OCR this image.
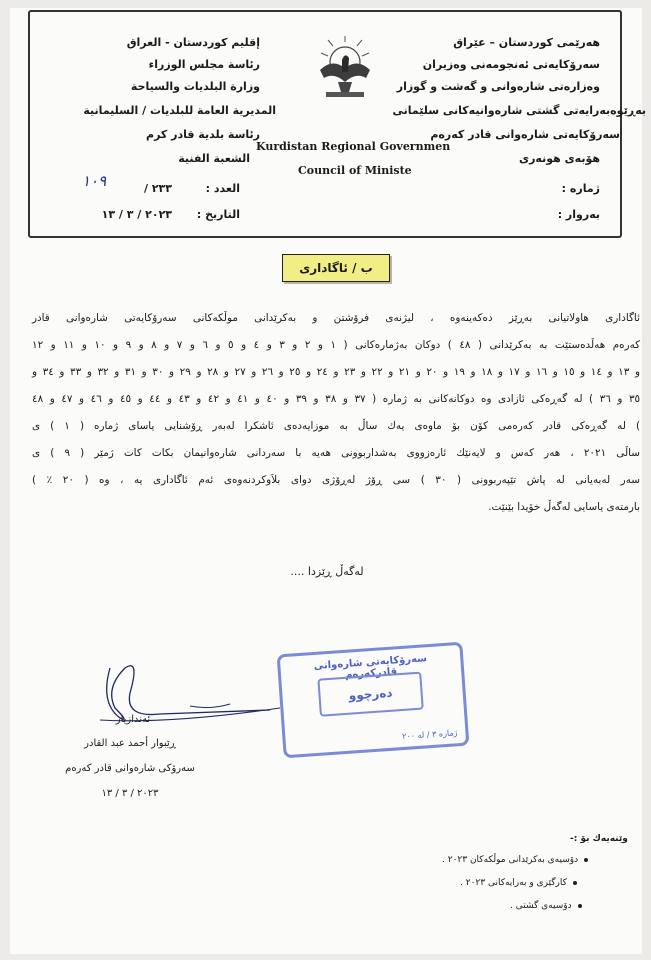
هەرێمی كوردستان – عێراق
سەرۆكایەتی ئەنجومەنی وەزیران
وەزارەتی شارەوانی و گەشت و گوزار
بەڕێوەبەرایەتی گشتی شارەوانیەكانی سلێمانی
سەرۆكایەتی شارەوانی قادر كەرەم
هۆبەی هونەری
ژمارە :
بەروار :
إقليم كوردستان - العراق
رئاسة مجلس الوزراء
وزارة البلديات والسياحة
المديرية العامة للبلديات / السليمانية
رئاسة بلدية قادر كرم
الشعبة الفنية
العدد :
٢٣٣ /
١٠٩
التاريخ :
٢٠٢٣ / ٣ / ١٣
Kurdistan Regional Governmen
Council of Ministe
ب / ئاگاداری
ئاگاداری هاولاتیانی بەڕێز دەكەینەوە ، لیژنەی فرۆشتن و بەكرێدانی موڵكەكانی سەرۆكایەتی شارەوانی قادر
كەرەم هەڵدەستێت بە بەكرێدانی ( ٤٨ ) دوكان بەژمارەكانی ( ١ و ٢ و ٣ و ٤ و ٥ و ٦ و ٧ و ٨ و ٩ و ١٠ و ١١ و ١٢
و ١٣ و ١٤ و ١٥ و ١٦ و ١٧ و ١٨ و ١٩ و ٢٠ و ٢١ و ٢٢ و ٢٣ و ٢٤ و ٢٥ و ٢٦ و ٢٧ و ٢٨ و ٢٩ و ٣٠ و ٣١ و ٣٢ و ٣٣ و ٣٤ و
٣٥ و ٣٦ ) لە گەڕەكی ئازادی وە دوكانەكانی بە ژمارە ( ٣٧ و ٣٨ و ٣٩ و ٤٠ و ٤١ و ٤٢ و ٤٣ و ٤٤ و ٤٥ و ٤٦ و ٤٧ و ٤٨
) لە گەڕەكی قادر كەرەمی كۆن بۆ ماوەی یەك ساڵ بە موزایەدەی ئاشكرا لەبەر ڕۆشنایی یاسای ژمارە ( ١ ) ی
ساڵی ٢٠٢١ ، هەر كەس و لایەنێك ئارەزووی بەشداربوونی هەیە با سەردانی شارەوانیمان بكات كات ژمێر ( ٩ ) ی
سەر لەبەیانی لە پاش تێپەربوونی ( ٣٠ ) سی ڕۆژ لەڕۆژی دوای بلاَوكردنەوەی ئەم ئاگاداری یە ، وە ( ٢٠ ٪ )
بارمتەی یاسایی لەگەڵ خۆیدا بێنێت.
لەگەڵ ڕێزدا ....
ئەندازیار
ڕێبوار أحمد عبد القادر
سەرۆكی شارەوانی قادر كەرەم
٢٠٢٣ / ٣ / ١٣
سەرۆكایەتی شارەوانی قادركەرەم
دەرچوو
ژمارە ٣ / لە ٢٠٠
وێنەیەك بۆ :-
دۆسیەی بەكرێدانی موڵكەكان ٢٠٢٣ .
كارگێری و بەرایەكانی ٢٠٢٣ .
دۆسیەی گشتی .
